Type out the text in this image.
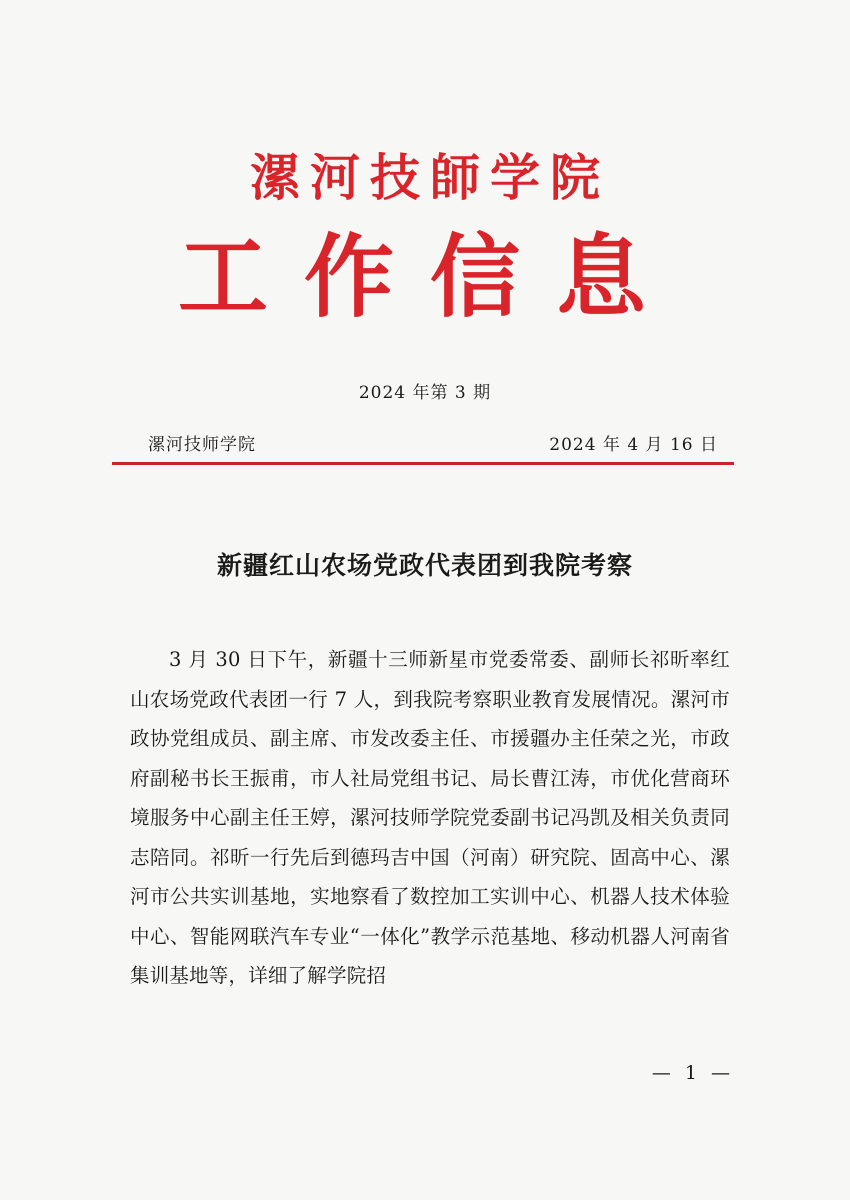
漯河技師学院
工作信息
2024 年第 3 期
漯河技师学院	2024 年 4 月 16 日
新疆红山农场党政代表团到我院考察

3 月 30 日下午，新疆十三师新星市党委常委、副师长祁昕率红山农场党政代表团一行 7 人，到我院考察职业教育发展情况。漯河市政协党组成员、副主席、市发改委主任、市援疆办主任荣之光，市政府副秘书长王振甫，市人社局党组书记、局长曹江涛，市优化营商环境服务中心副主任王婷，漯河技师学院党委副书记冯凯及相关负责同志陪同。祁昕一行先后到德玛吉中国（河南）研究院、固高中心、漯河市公共实训基地，实地察看了数控加工实训中心、机器人技术体验中心、智能网联汽车专业“一体化”教学示范基地、移动机器人河南省集训基地等，详细了解学院招

— 1 —
